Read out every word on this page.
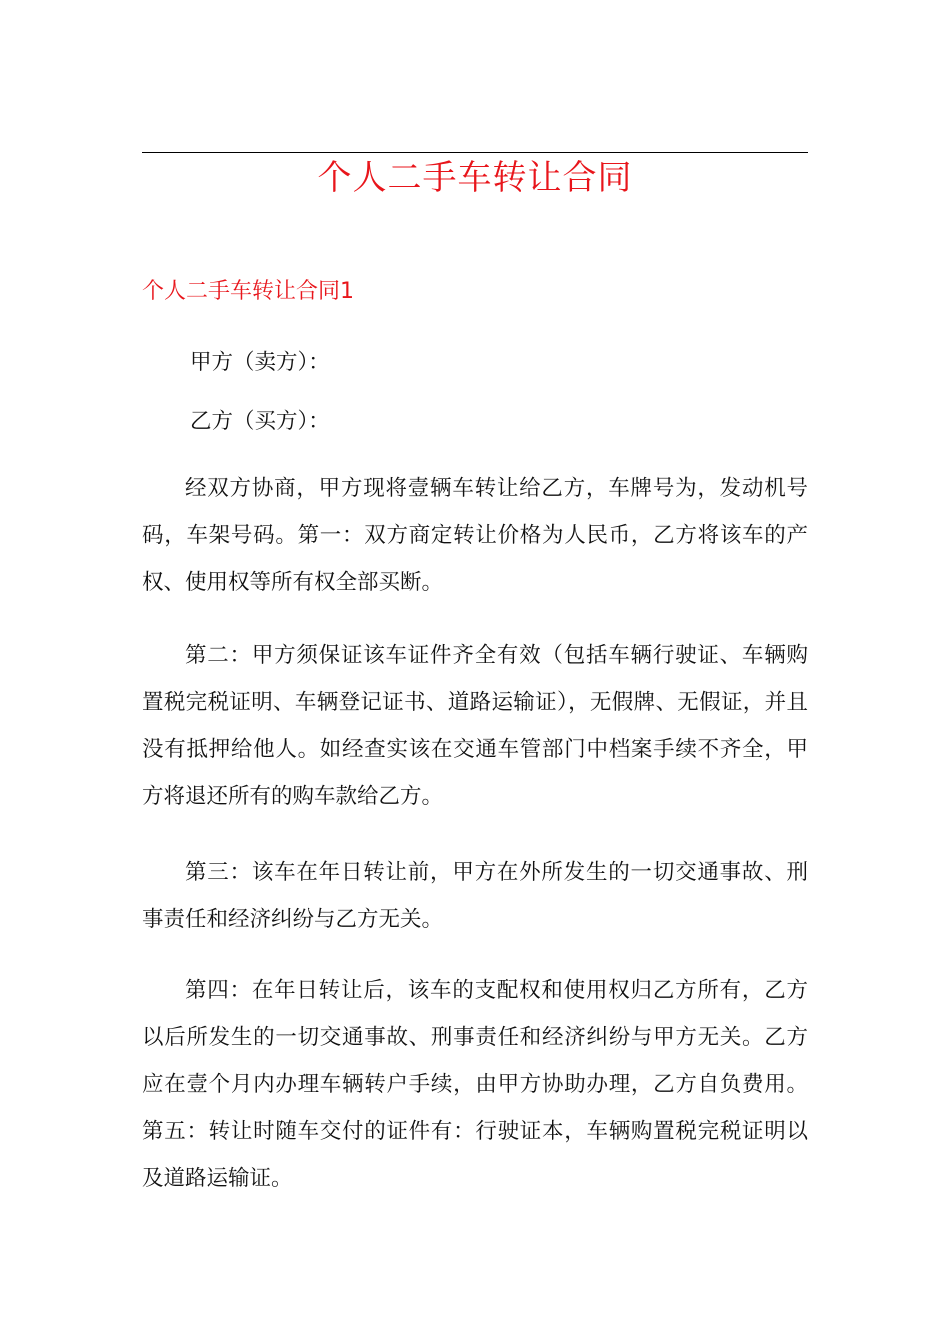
个人二手车转让合同
个人二手车转让合同1
甲方（卖方）：
乙方（买方）：

经双方协商，甲方现将壹辆车转让给乙方，车牌号为，发动机号码，车架号码。第一：双方商定转让价格为人民币，乙方将该车的产权、使用权等所有权全部买断。

第二：甲方须保证该车证件齐全有效（包括车辆行驶证、车辆购置税完税证明、车辆登记证书、道路运输证），无假牌、无假证，并且没有抵押给他人。如经查实该在交通车管部门中档案手续不齐全，甲方将退还所有的购车款给乙方。

第三：该车在年日转让前，甲方在外所发生的一切交通事故、刑事责任和经济纠纷与乙方无关。

第四：在年日转让后，该车的支配权和使用权归乙方所有，乙方以后所发生的一切交通事故、刑事责任和经济纠纷与甲方无关。乙方应在壹个月内办理车辆转户手续，由甲方协助办理，乙方自负费用。第五：转让时随车交付的证件有：行驶证本，车辆购置税完税证明以及道路运输证。
